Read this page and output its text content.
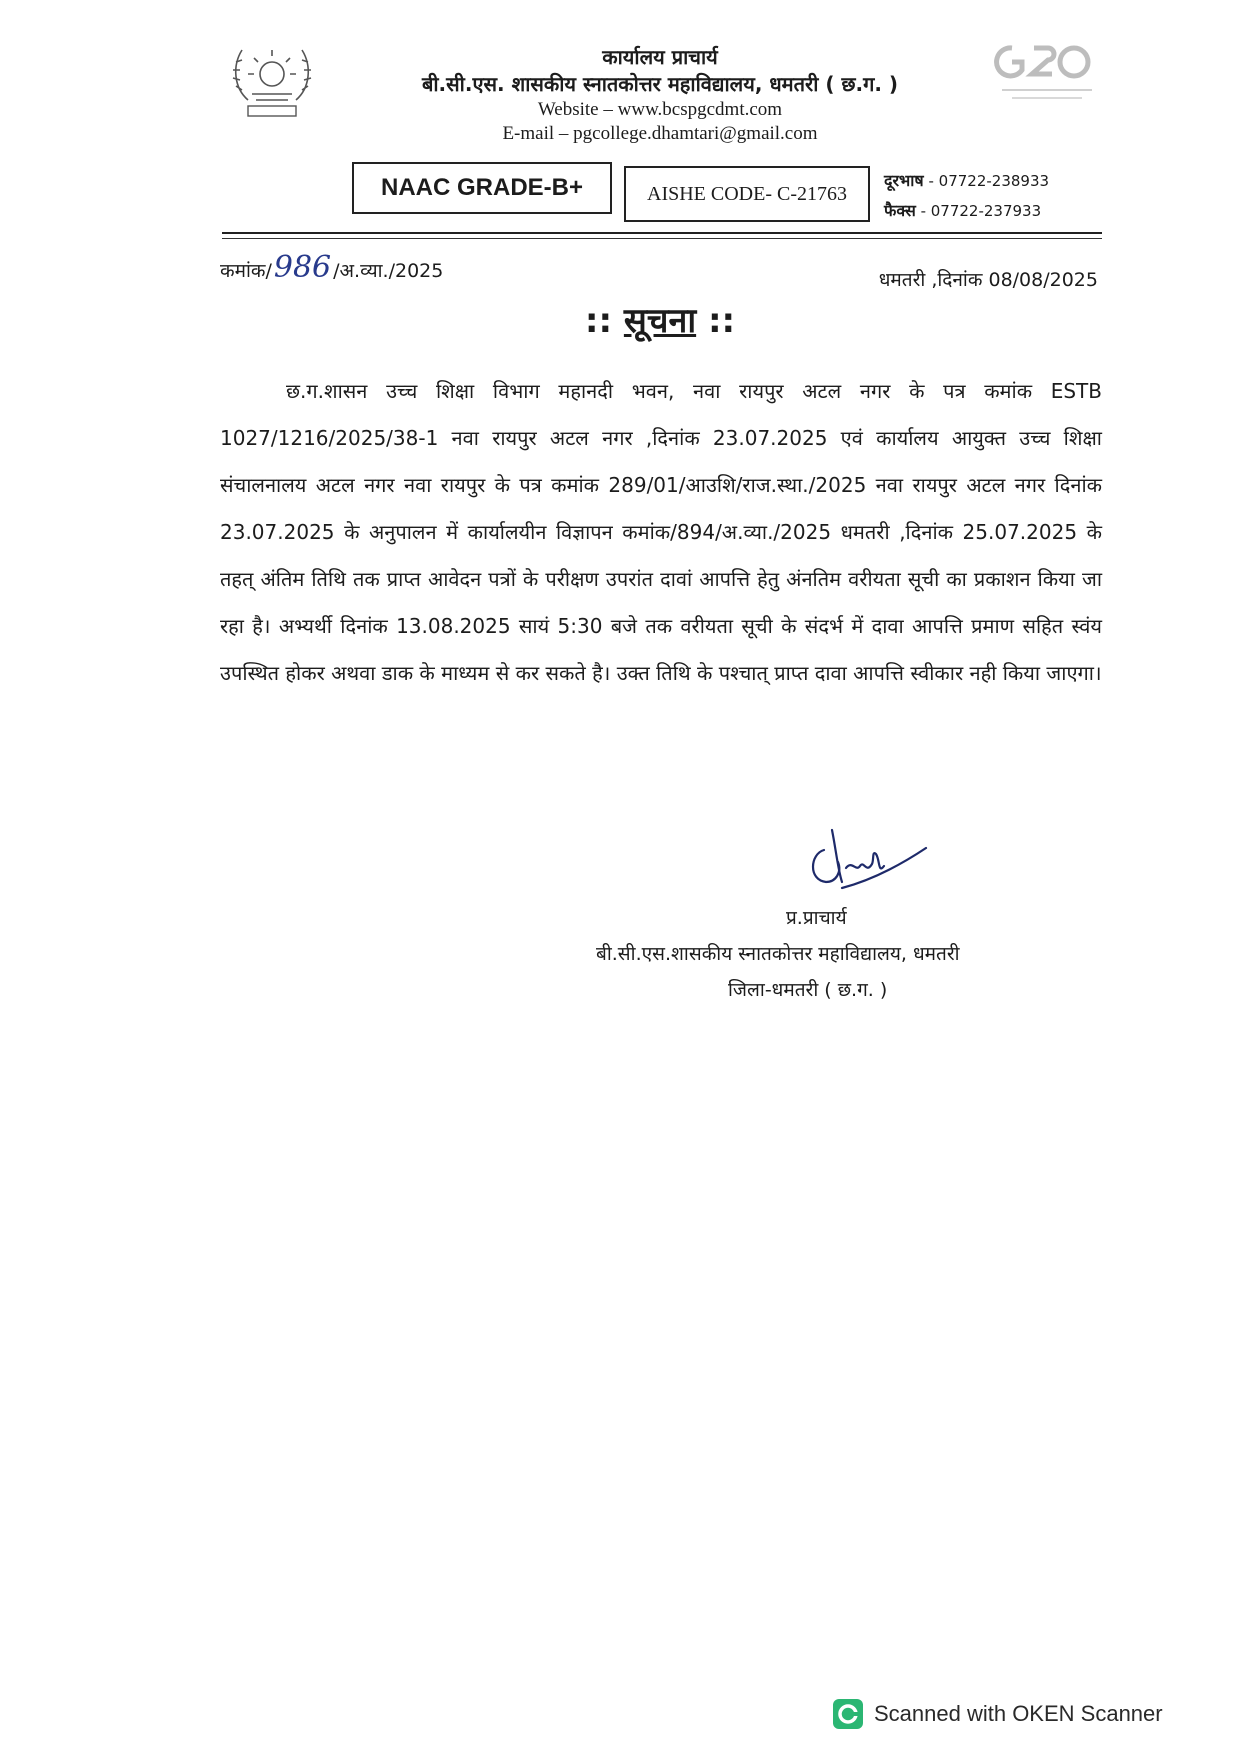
कार्यालय प्राचार्य
बी.सी.एस. शासकीय स्नातकोत्तर महाविद्यालय, धमतरी ( छ.ग. )
Website – www.bcspgcdmt.com
E-mail – pgcollege.dhamtari@gmail.com
NAAC GRADE-B+	AISHE CODE- C-21763
दूरभाष - 07722-238933
फैक्स - 07722-237933
कमांक/986 /अ.व्या./2025	धमतरी ,दिनांक 08/08/2025
:: सूचना ::
छ.ग.शासन उच्च शिक्षा विभाग महानदी भवन, नवा रायपुर अटल नगर के पत्र कमांक ESTB 1027/1216/2025/38-1 नवा रायपुर अटल नगर ,दिनांक 23.07.2025 एवं कार्यालय आयुक्त उच्च शिक्षा संचालनालय अटल नगर नवा रायपुर के पत्र कमांक 289/01/आउशि/राज.स्था./2025 नवा रायपुर अटल नगर दिनांक 23.07.2025 के अनुपालन में कार्यालयीन विज्ञापन कमांक/894/अ.व्या./2025 धमतरी ,दिनांक 25.07.2025 के तहत् अंतिम तिथि तक प्राप्त आवेदन पत्रों के परीक्षण उपरांत दावां आपत्ति हेतु अंनतिम वरीयता सूची का प्रकाशन किया जा रहा है। अभ्यर्थी दिनांक 13.08.2025 सायं 5:30 बजे तक वरीयता सूची के संदर्भ में दावा आपत्ति प्रमाण सहित स्वंय उपस्थित होकर अथवा डाक के माध्यम से कर सकते है। उक्त तिथि के पश्चात् प्राप्त दावा आपत्ति स्वीकार नही किया जाएगा।
प्र.प्राचार्य
बी.सी.एस.शासकीय स्नातकोत्तर महाविद्यालय, धमतरी
जिला-धमतरी ( छ.ग. )
Scanned with OKEN Scanner
